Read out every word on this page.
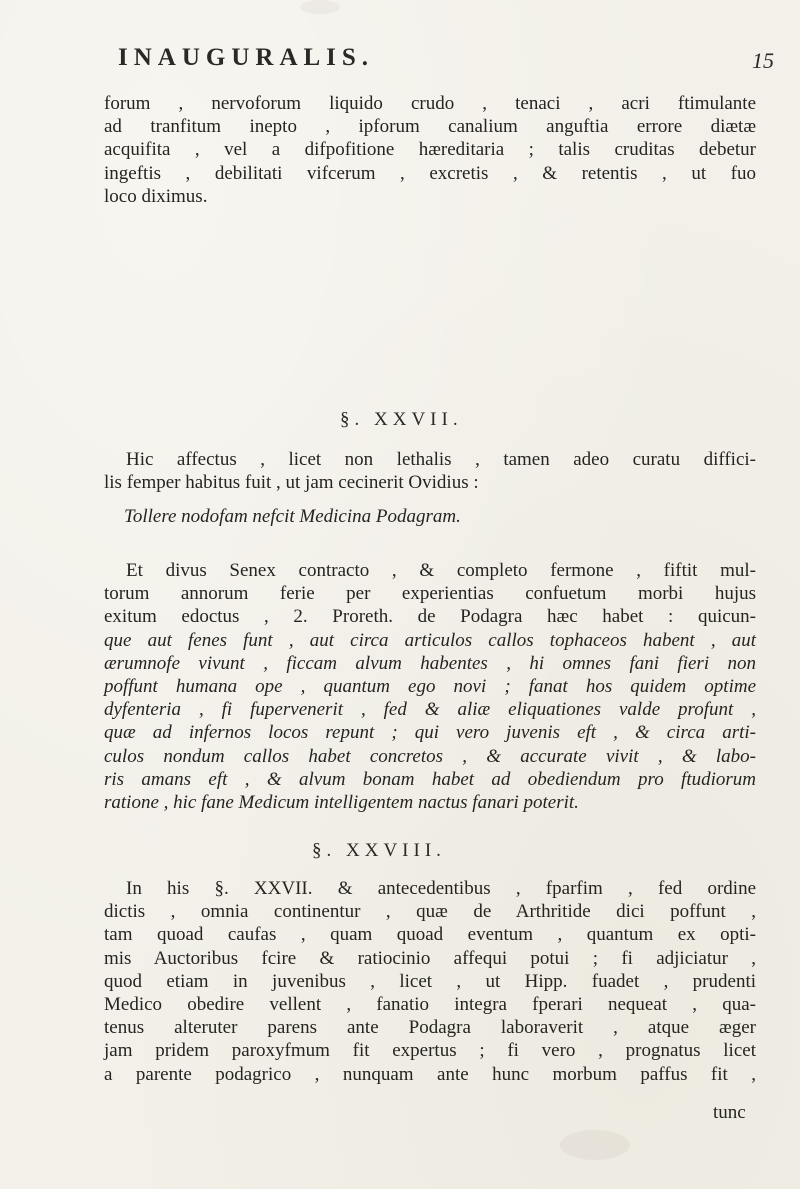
INAUGURALIS.	15
forum , nervoforum liquido crudo , tenaci , acri ftimulante
ad tranfitum inepto , ipforum canalium anguftia errore diætæ
acquifita , vel a difpofitione hæreditaria ; talis cruditas debetur
ingeftis , debilitati vifcerum , excretis , & retentis , ut fuo
loco diximus.
§. XXVII.
Hic affectus , licet non lethalis , tamen adeo curatu diffici-
lis femper habitus fuit , ut jam cecinerit Ovidius :
Tollere nodofam nefcit Medicina Podagram.
Et divus Senex contracto , & completo fermone , fiftit mul-
torum annorum ferie per experientias confuetum morbi hujus
exitum edoctus , 2. Proreth. de Podagra hæc habet : quicun-
que aut fenes funt , aut circa articulos callos tophaceos habent , aut
ærumnofe vivunt , ficcam alvum habentes , hi omnes fani fieri non
poffunt humana ope , quantum ego novi ; fanat hos quidem optime
dyfenteria , fi fupervenerit , fed & aliæ eliquationes valde profunt ,
quæ ad infernos locos repunt ; qui vero juvenis eft , & circa arti-
culos nondum callos habet concretos , & accurate vivit , & labo-
ris amans eft , & alvum bonam habet ad obediendum pro ftudiorum
ratione , hic fane Medicum intelligentem nactus fanari poterit.
§. XXVIII.
In his §. XXVII. & antecedentibus , fparfim , fed ordine
dictis , omnia continentur , quæ de Arthritide dici poffunt ,
tam quoad caufas , quam quoad eventum , quantum ex opti-
mis Auctoribus fcire & ratiocinio affequi potui ; fi adjiciatur ,
quod etiam in juvenibus , licet , ut Hipp. fuadet , prudenti
Medico obedire vellent , fanatio integra fperari nequeat , qua-
tenus alteruter parens ante Podagra laboraverit , atque æger
jam pridem paroxyfmum fit expertus ; fi vero , prognatus licet
a parente podagrico , nunquam ante hunc morbum paffus fit ,
tunc
